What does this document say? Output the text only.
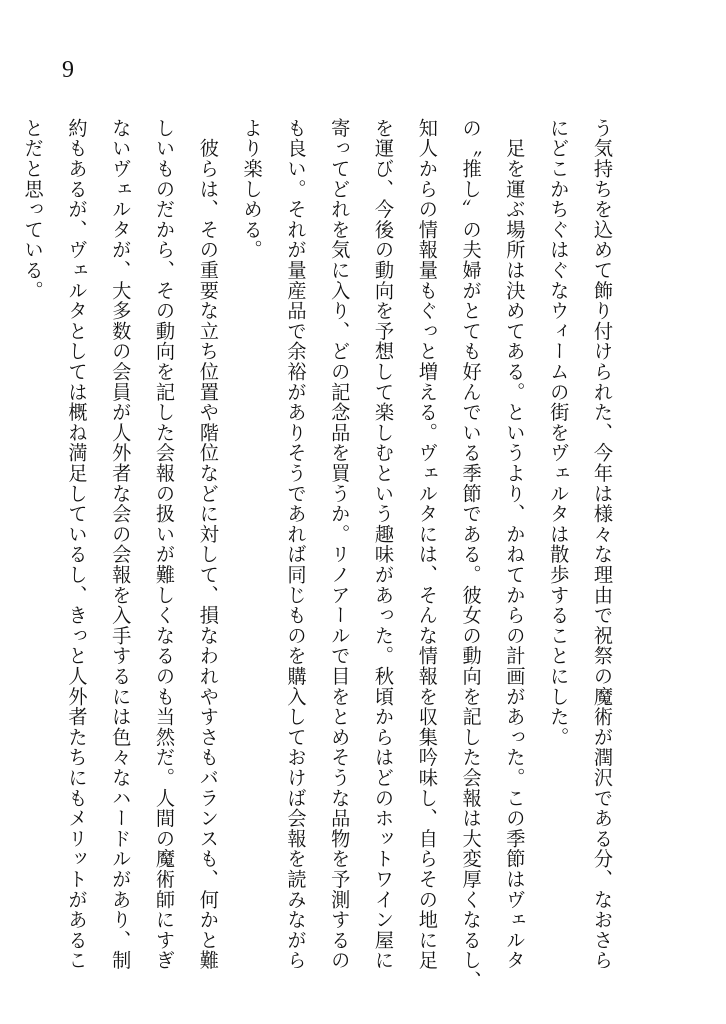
9
う気持ちを込めて飾り付けられた、今年は様々な理由で祝祭の魔術が潤沢である分、なおさら
にどこかちぐはぐなウィームの街をヴェルタは散歩することにした。
　足を運ぶ場所は決めてある。というより、かねてからの計画があった。この季節はヴェルタ
の〝推し〟の夫婦がとても好んでいる季節である。彼女の動向を記した会報は大変厚くなるし、
知人からの情報量もぐっと増える。ヴェルタには、そんな情報を収集吟味し、自らその地に足
を運び、今後の動向を予想して楽しむという趣味があった。秋頃からはどのホットワイン屋に
寄ってどれを気に入り、どの記念品を買うか。リノアールで目をとめそうな品物を予測するの
も良い。それが量産品で余裕がありそうであれば同じものを購入しておけば会報を読みながら
より楽しめる。
　彼らは、その重要な立ち位置や階位などに対して、損なわれやすさもバランスも、何かと難
しいものだから、その動向を記した会報の扱いが難しくなるのも当然だ。人間の魔術師にすぎ
ないヴェルタが、大多数の会員が人外者な会の会報を入手するには色々なハードルがあり、制
約もあるが、ヴェルタとしては概ね満足しているし、きっと人外者たちにもメリットがあるこ
とだと思っている。
